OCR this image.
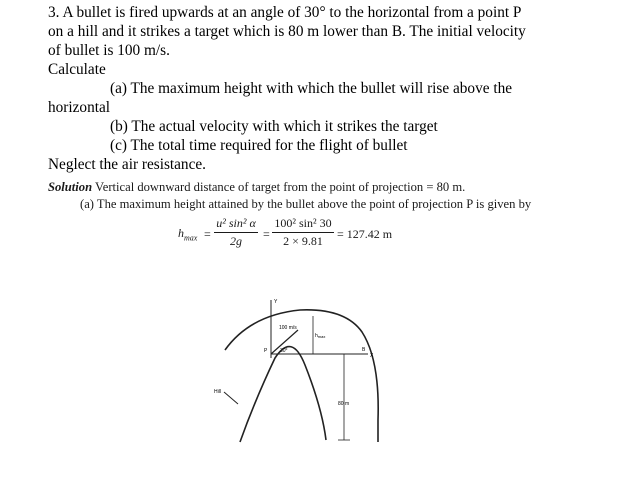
3. A bullet is fired upwards at an angle of 30° to the horizontal from a point P
on a hill and it strikes a target which is 80 m lower than B. The initial velocity
of bullet is 100 m/s.
Calculate
(a) The maximum height with which the bullet will rise above the
horizontal
(b) The actual velocity with which it strikes the target
(c) The total time required for the flight of bullet
Neglect the air resistance.
Solution Vertical downward distance of target from the point of projection = 80 m.
(a) The maximum height attained by the bullet above the point of projection P is given by
$h_{max}$ =
u² sin² α
2g	=
100² sin² 30
2 × 9.81	= 127.42 m
Y
X
100 m/s
$h_{max}$
P	30°	B
Hill
80 m
